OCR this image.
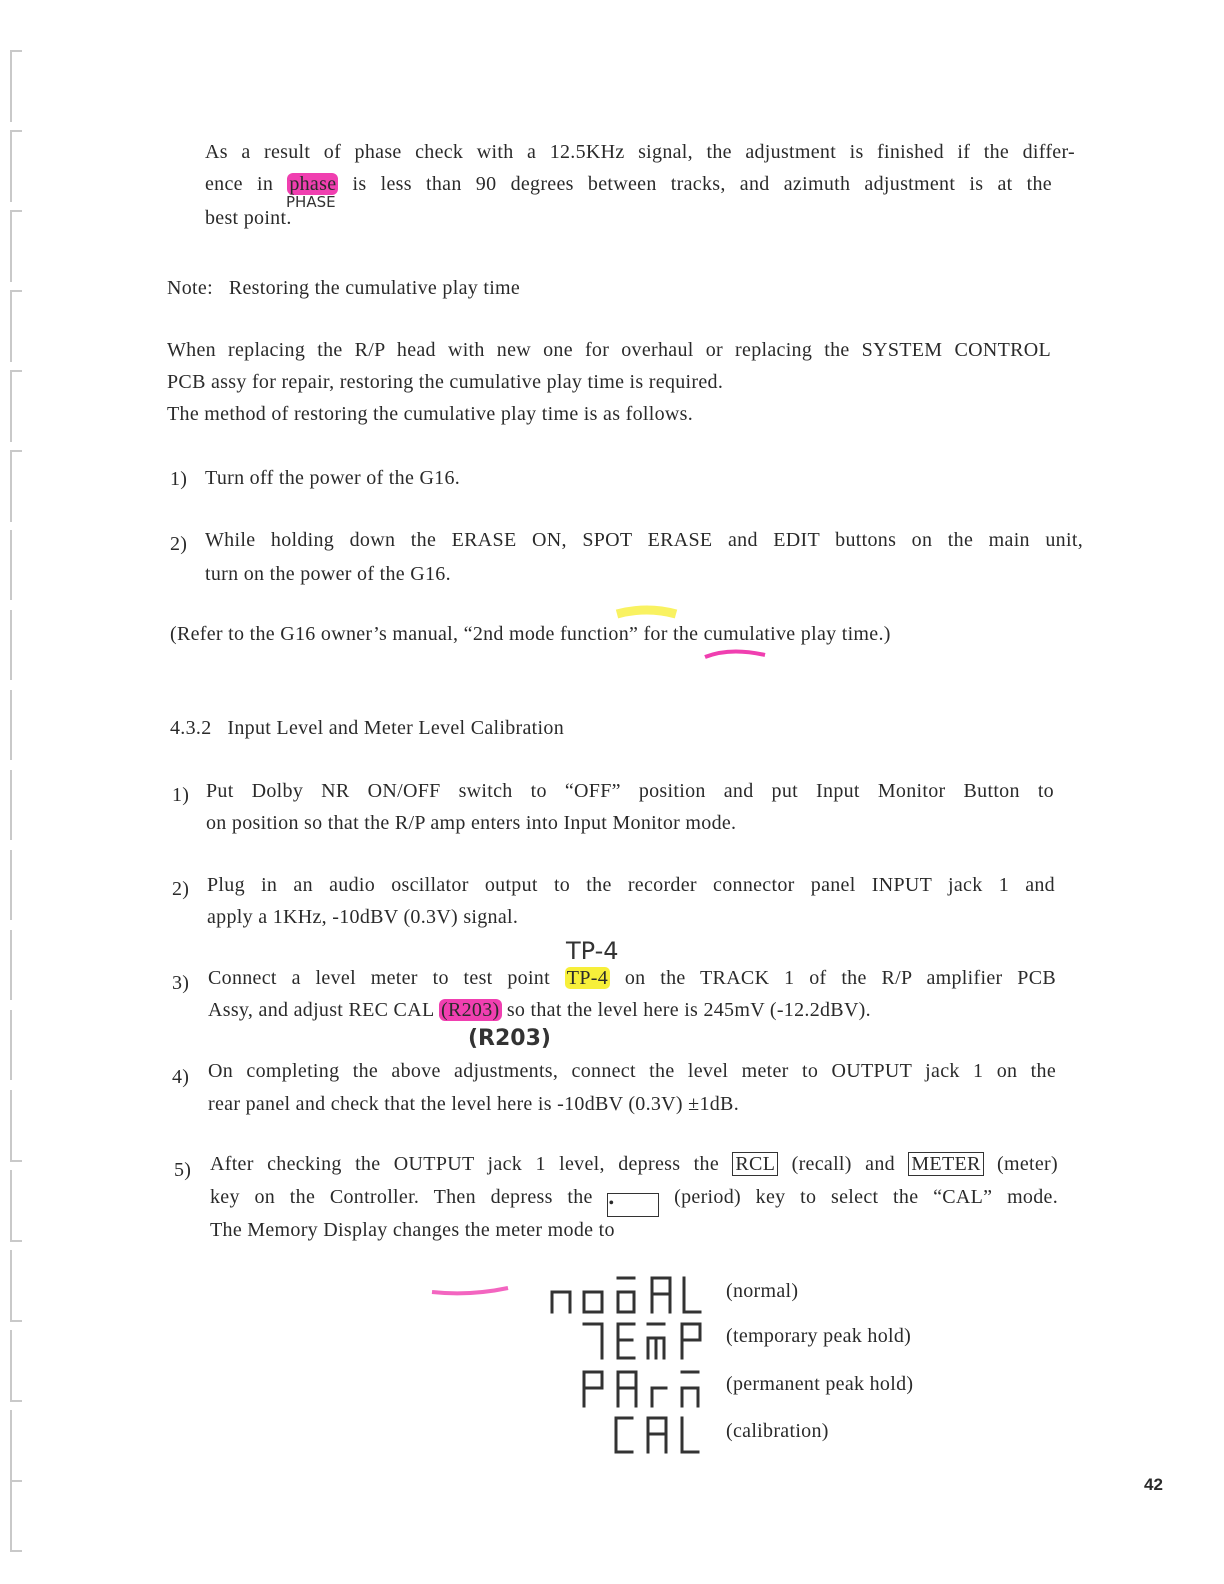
As a result of phase check with a 12.5KHz signal, the adjustment is finished if the differ-
ence in phase is less than 90 degrees between tracks, and azimuth adjustment is at the
best point.
PHASE
Note: Restoring the cumulative play time
When replacing the R/P head with new one for overhaul or replacing the SYSTEM CONTROL
PCB assy for repair, restoring the cumulative play time is required.
The method of restoring the cumulative play time is as follows.
1) Turn off the power of the G16.
2) While holding down the ERASE ON, SPOT ERASE and EDIT buttons on the main unit,
turn on the power of the G16.
(Refer to the G16 owner’s manual, “2nd mode function” for the cumulative play time.)
4.3.2 Input Level and Meter Level Calibration
1) Put Dolby NR ON/OFF switch to “OFF” position and put Input Monitor Button to
on position so that the R/P amp enters into Input Monitor mode.
2) Plug in an audio oscillator output to the recorder connector panel INPUT jack 1 and
apply a 1KHz, -10dBV (0.3V) signal.
TP-4
3) Connect a level meter to test point TP-4 on the TRACK 1 of the R/P amplifier PCB
Assy, and adjust REC CAL (R203) so that the level here is 245mV (-12.2dBV).
(R203)
4) On completing the above adjustments, connect the level meter to OUTPUT jack 1 on the
rear panel and check that the level here is -10dBV (0.3V) ±1dB.
5) After checking the OUTPUT jack 1 level, depress the RCL (recall) and METER (meter)
key on the Controller. Then depress the •	(period) key to select the “CAL” mode.
The Memory Display changes the meter mode to
(normal)
(temporary peak hold)
(permanent peak hold)
(calibration)
42
